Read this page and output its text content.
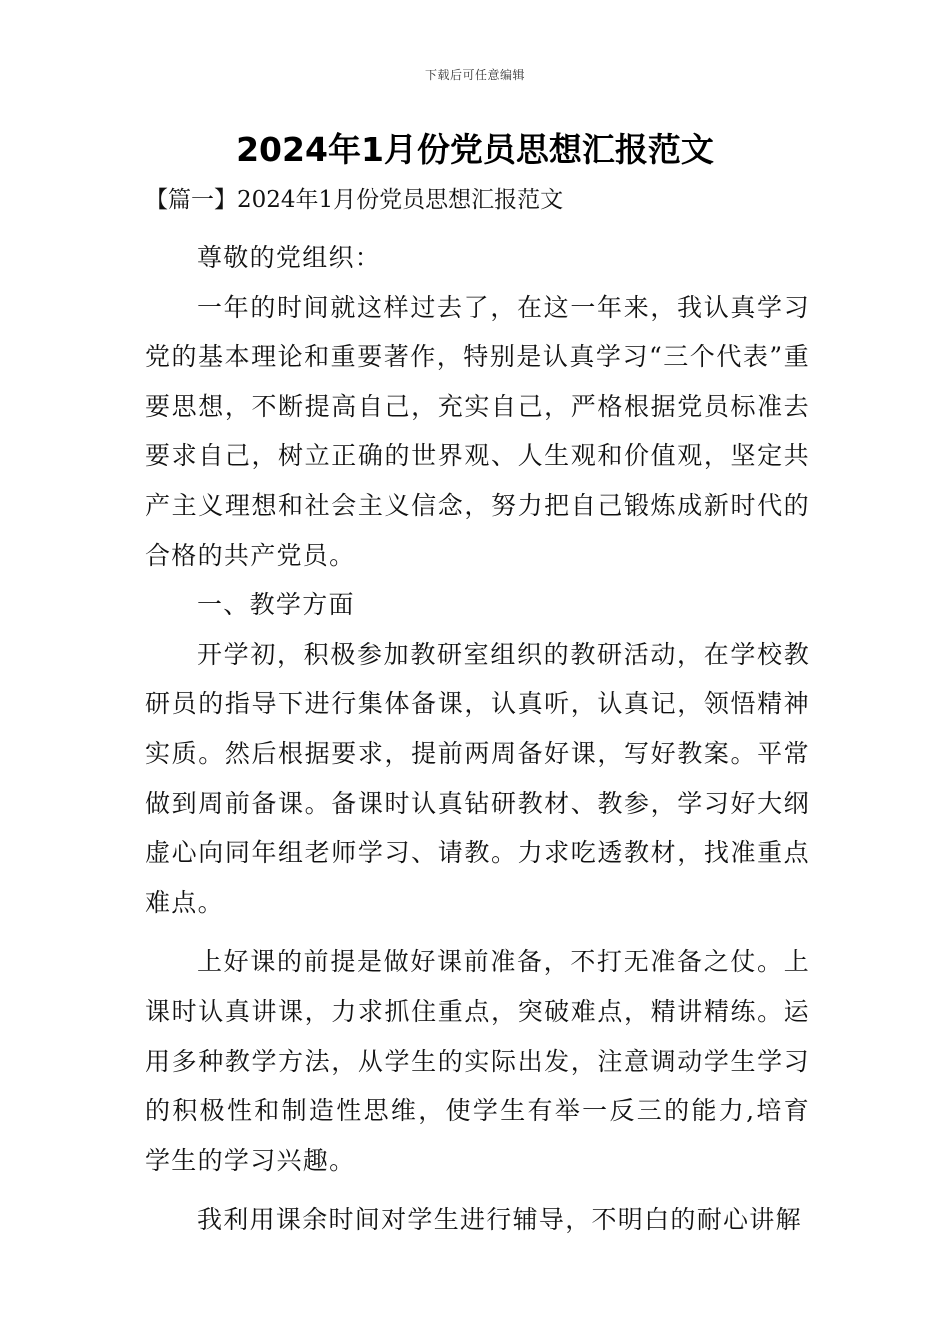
下载后可任意编辑
2024年1月份党员思想汇报范文
【篇一】2024年1月份党员思想汇报范文

尊敬的党组织：

一年的时间就这样过去了，在这一年来，我认真学习党的基本理论和重要著作，特别是认真学习“三个代表”重要思想，不断提高自己，充实自己，严格根据党员标准去要求自己，树立正确的世界观、人生观和价值观，坚定共产主义理想和社会主义信念，努力把自己锻炼成新时代的合格的共产党员。

一、教学方面

开学初，积极参加教研室组织的教研活动，在学校教研员的指导下进行集体备课，认真听，认真记，领悟精神实质。然后根据要求，提前两周备好课，写好教案。平常做到周前备课。备课时认真钻研教材、教参，学习好大纲虚心向同年组老师学习、请教。力求吃透教材，找准重点难点。

上好课的前提是做好课前准备，不打无准备之仗。上课时认真讲课，力求抓住重点，突破难点，精讲精练。运用多种教学方法，从学生的实际出发，注意调动学生学习的积极性和制造性思维，使学生有举一反三的能力,培育学生的学习兴趣。

我利用课余时间对学生进行辅导，不明白的耐心讲解
